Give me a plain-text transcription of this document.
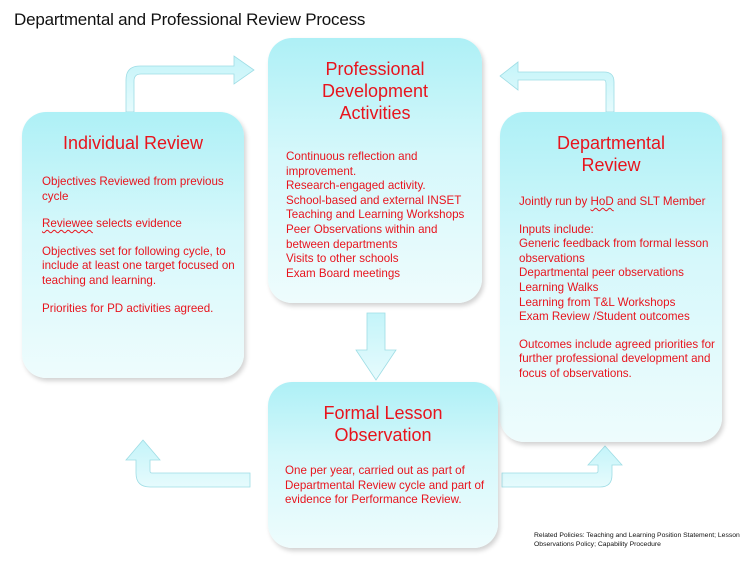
Departmental and Professional Review Process
Individual Review

Objectives Reviewed from previous cycle

Reviewee selects evidence

Objectives set for following cycle, to include at least one target focused on teaching and learning.

Priorities for PD activities agreed.

Professional Development Activities

Continuous reflection and improvement.

Research-engaged activity.

School-based and external INSET

Teaching and Learning Workshops

Peer Observations within and between departments

Visits to other schools

Exam Board meetings

Departmental Review

Jointly run by HoD and SLT Member

Inputs include:

Generic feedback from formal lesson observations

Departmental peer observations

Learning Walks

Learning from T&L Workshops

Exam Review /Student outcomes

Outcomes include agreed priorities for further professional development and focus of observations.

Formal Lesson Observation
One per year, carried out as part of Departmental Review cycle and part of evidence for Performance Review.
Related Policies: Teaching and Learning Position Statement; Lesson Observations Policy; Capability Procedure
